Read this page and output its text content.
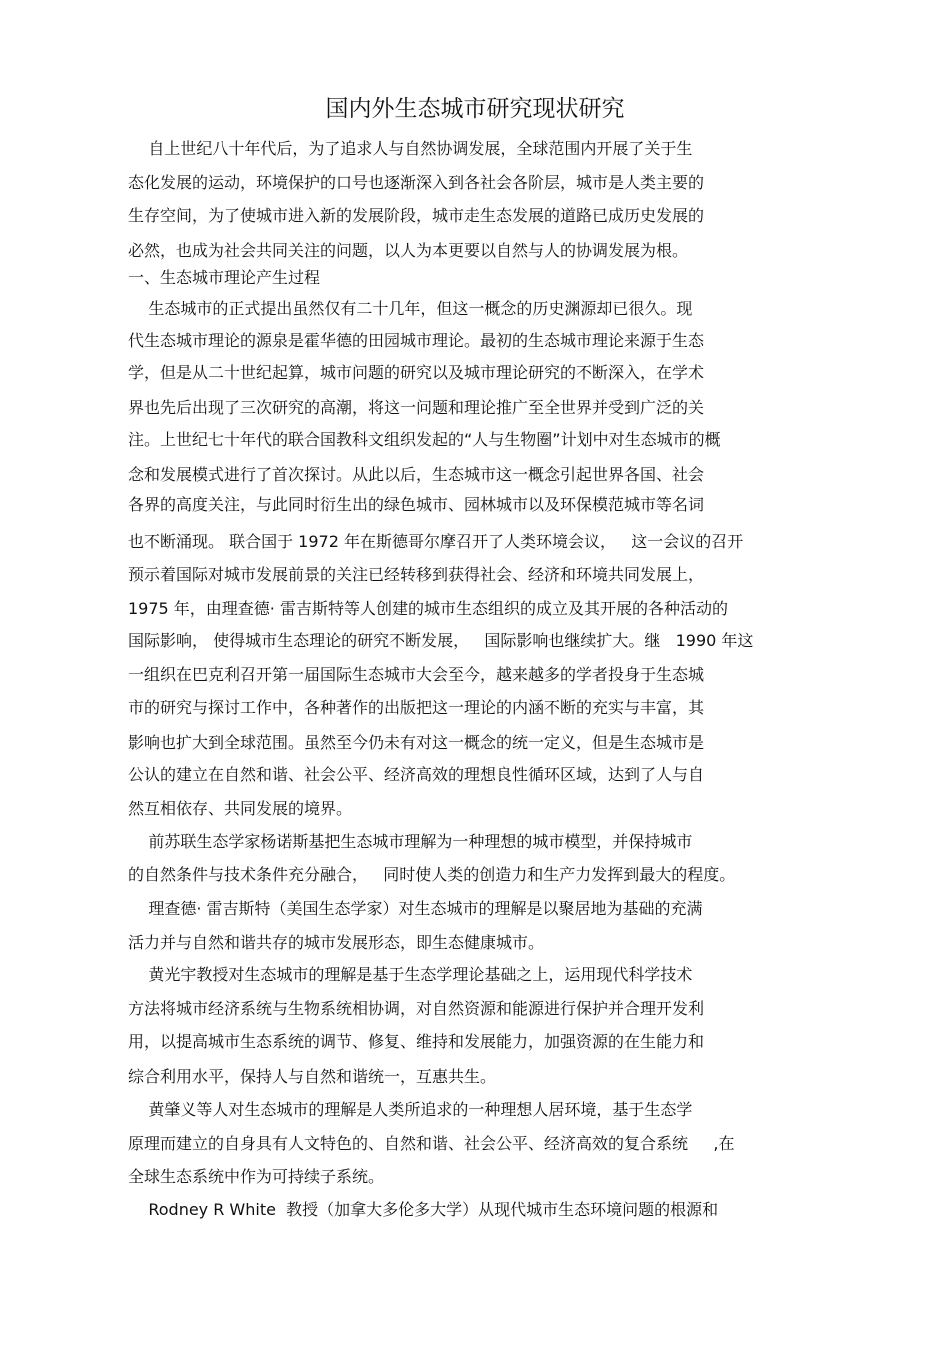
国内外生态城市研究现状研究
自上世纪八十年代后，为了追求人与自然协调发展，全球范围内开展了关于生
态化发展的运动，环境保护的口号也逐渐深入到各社会各阶层，城市是人类主要的
生存空间，为了使城市进入新的发展阶段，城市走生态发展的道路已成历史发展的
必然，也成为社会共同关注的问题，以人为本更要以自然与人的协调发展为根。
一、生态城市理论产生过程
生态城市的正式提出虽然仅有二十几年，但这一概念的历史渊源却已很久。现
代生态城市理论的源泉是霍华德的田园城市理论。最初的生态城市理论来源于生态
学，但是从二十世纪起算，城市问题的研究以及城市理论研究的不断深入，在学术
界也先后出现了三次研究的高潮，将这一问题和理论推广至全世界并受到广泛的关
注。上世纪七十年代的联合国教科文组织发起的“人与生物圈”计划中对生态城市的概
念和发展模式进行了首次探讨。从此以后，生态城市这一概念引起世界各国、社会
各界的高度关注，与此同时衍生出的绿色城市、园林城市以及环保模范城市等名词
也不断涌现。 联合国于 1972 年在斯德哥尔摩召开了人类环境会议，   这一会议的召开
预示着国际对城市发展前景的关注已经转移到获得社会、经济和环境共同发展上，
1975 年，由理查德· 雷吉斯特等人创建的城市生态组织的成立及其开展的各种活动的
国际影响， 使得城市生态理论的研究不断发展，   国际影响也继续扩大。继   1990 年这
一组织在巴克利召开第一届国际生态城市大会至今，越来越多的学者投身于生态城
市的研究与探讨工作中，各种著作的出版把这一理论的内涵不断的充实与丰富，其
影响也扩大到全球范围。虽然至今仍未有对这一概念的统一定义，但是生态城市是
公认的建立在自然和谐、社会公平、经济高效的理想良性循环区域，达到了人与自
然互相依存、共同发展的境界。
前苏联生态学家杨诺斯基把生态城市理解为一种理想的城市模型，并保持城市
的自然条件与技术条件充分融合，   同时使人类的创造力和生产力发挥到最大的程度。
理查德· 雷吉斯特（美国生态学家）对生态城市的理解是以聚居地为基础的充满
活力并与自然和谐共存的城市发展形态，即生态健康城市。
黄光宇教授对生态城市的理解是基于生态学理论基础之上，运用现代科学技术
方法将城市经济系统与生物系统相协调，对自然资源和能源进行保护并合理开发利
用，以提高城市生态系统的调节、修复、维持和发展能力，加强资源的在生能力和
综合利用水平，保持人与自然和谐统一，互惠共生。
黄肇义等人对生态城市的理解是人类所追求的一种理想人居环境，基于生态学
原理而建立的自身具有人文特色的、自然和谐、社会公平、经济高效的复合系统     ,在
全球生态系统中作为可持续子系统。
Rodney R White  教授（加拿大多伦多大学）从现代城市生态环境问题的根源和
